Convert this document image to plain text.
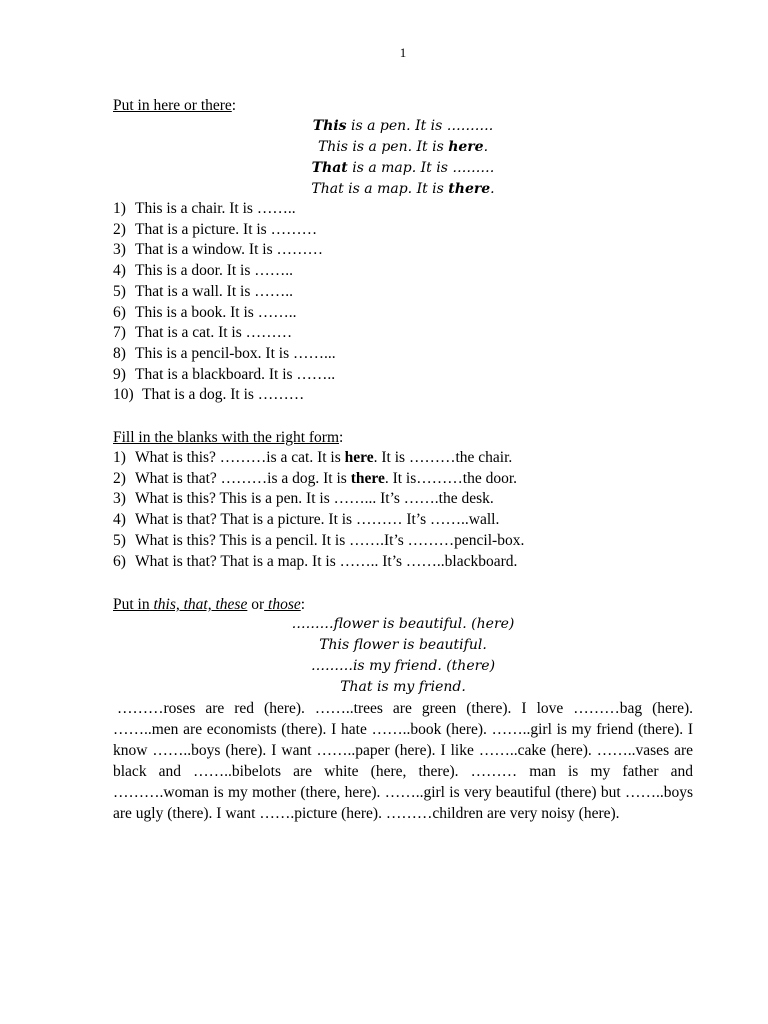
1
Put in here or there:
This is a pen. It is ……….
This is a pen. It is here.
That is a map. It is ………
That is a map. It is there.
1) This is a chair. It is ……..
2) That is a picture. It is ………
3) That is a window. It is ………
4) This is a door. It is ……..
5) That is a wall. It is ……..
6) This is a book. It is ……..
7) That is a cat. It is ………
8) This is a pencil-box. It is ……...
9) That is a blackboard. It is ……..
10) That is a dog. It is ………
Fill in the blanks with the right form:
1) What is this? ………is a cat. It is here. It is ………the chair.
2) What is that? ………is a dog. It is there. It is………the door.
3) What is this? This is a pen. It is ……... It’s …….the desk.
4) What is that? That is a picture. It is ……… It’s ……..wall.
5) What is this? This is a pencil. It is …….It’s ………pencil-box.
6) What is that? That is a map. It is …….. It’s ……..blackboard.
Put in this, that, these or those:
………flower is beautiful. (here)
This flower is beautiful.
………is my friend. (there)
That is my friend.
………roses are red (here). ……..trees are green (there). I love ………bag (here). ……..men are economists (there). I hate ……..book (here). ……..girl is my friend (there). I know ……..boys (here). I want ……..paper (here). I like ……..cake (here). ……..vases are black and ……..bibelots are white (here, there). ……… man is my father and ……….woman is my mother (there, here). ……..girl is very beautiful (there) but ……..boys are ugly (there). I want …….picture (here). ………children are very noisy (here).
